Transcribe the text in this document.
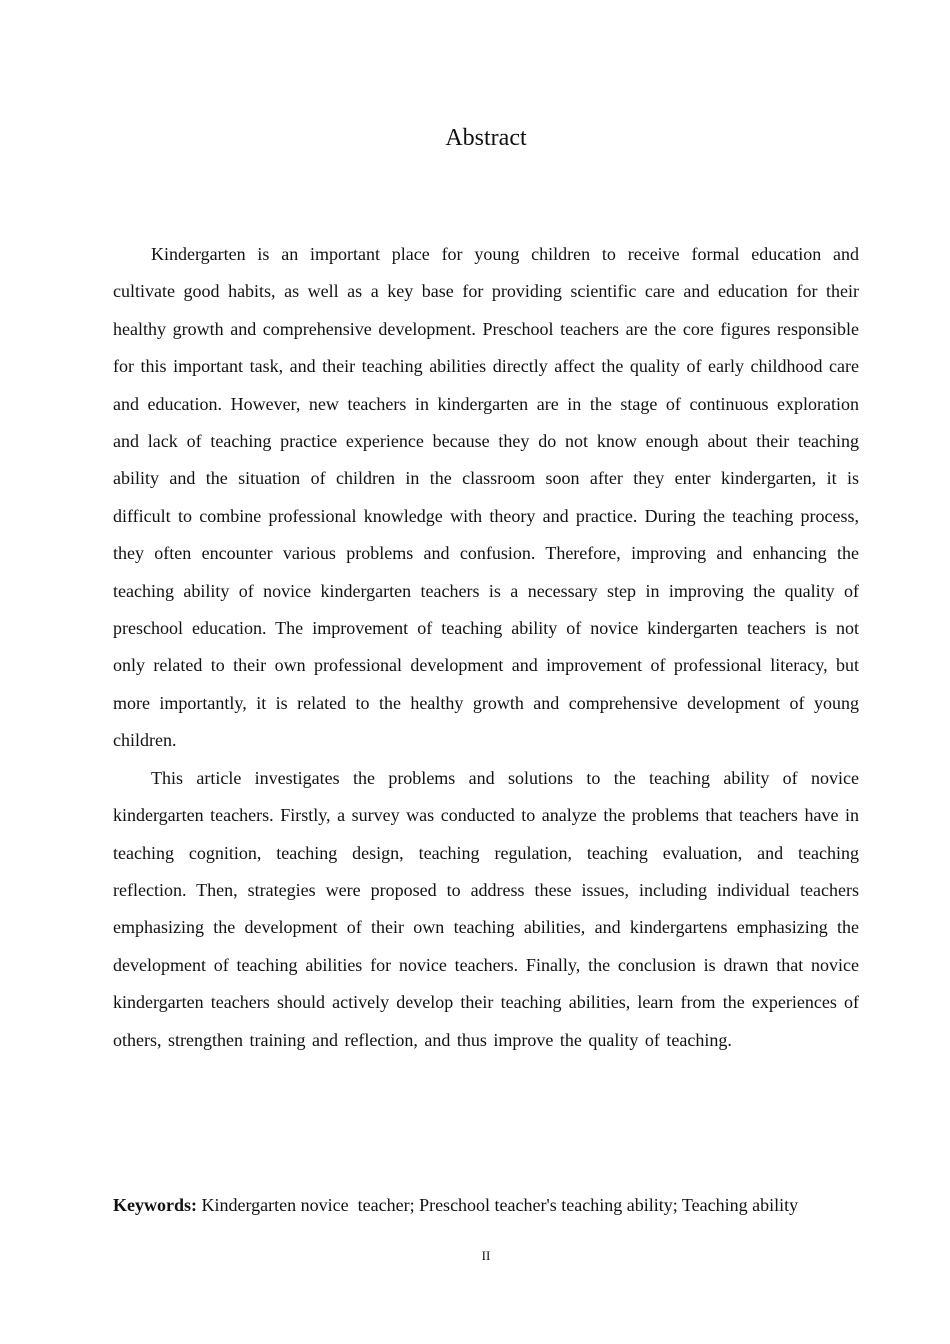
Abstract

Kindergarten is an important place for young children to receive formal education and cultivate good habits, as well as a key base for providing scientific care and education for their healthy growth and comprehensive development. Preschool teachers are the core figures responsible for this important task, and their teaching abilities directly affect the quality of early childhood care and education. However, new teachers in kindergarten are in the stage of continuous exploration and lack of teaching practice experience because they do not know enough about their teaching ability and the situation of children in the classroom soon after they enter kindergarten, it is difficult to combine professional knowledge with theory and practice. During the teaching process, they often encounter various problems and confusion. Therefore, improving and enhancing the teaching ability of novice kindergarten teachers is a necessary step in improving the quality of preschool education. The improvement of teaching ability of novice kindergarten teachers is not only related to their own professional development and improvement of professional literacy, but more importantly, it is related to the healthy growth and comprehensive development of young children.

This article investigates the problems and solutions to the teaching ability of novice kindergarten teachers. Firstly, a survey was conducted to analyze the problems that teachers have in teaching cognition, teaching design, teaching regulation, teaching evaluation, and teaching reflection. Then, strategies were proposed to address these issues, including individual teachers emphasizing the development of their own teaching abilities, and kindergartens emphasizing the development of teaching abilities for novice teachers. Finally, the conclusion is drawn that novice kindergarten teachers should actively develop their teaching abilities, learn from the experiences of others, strengthen training and reflection, and thus improve the quality of teaching.

Keywords: Kindergarten novice  teacher; Preschool teacher's teaching ability; Teaching ability

II
